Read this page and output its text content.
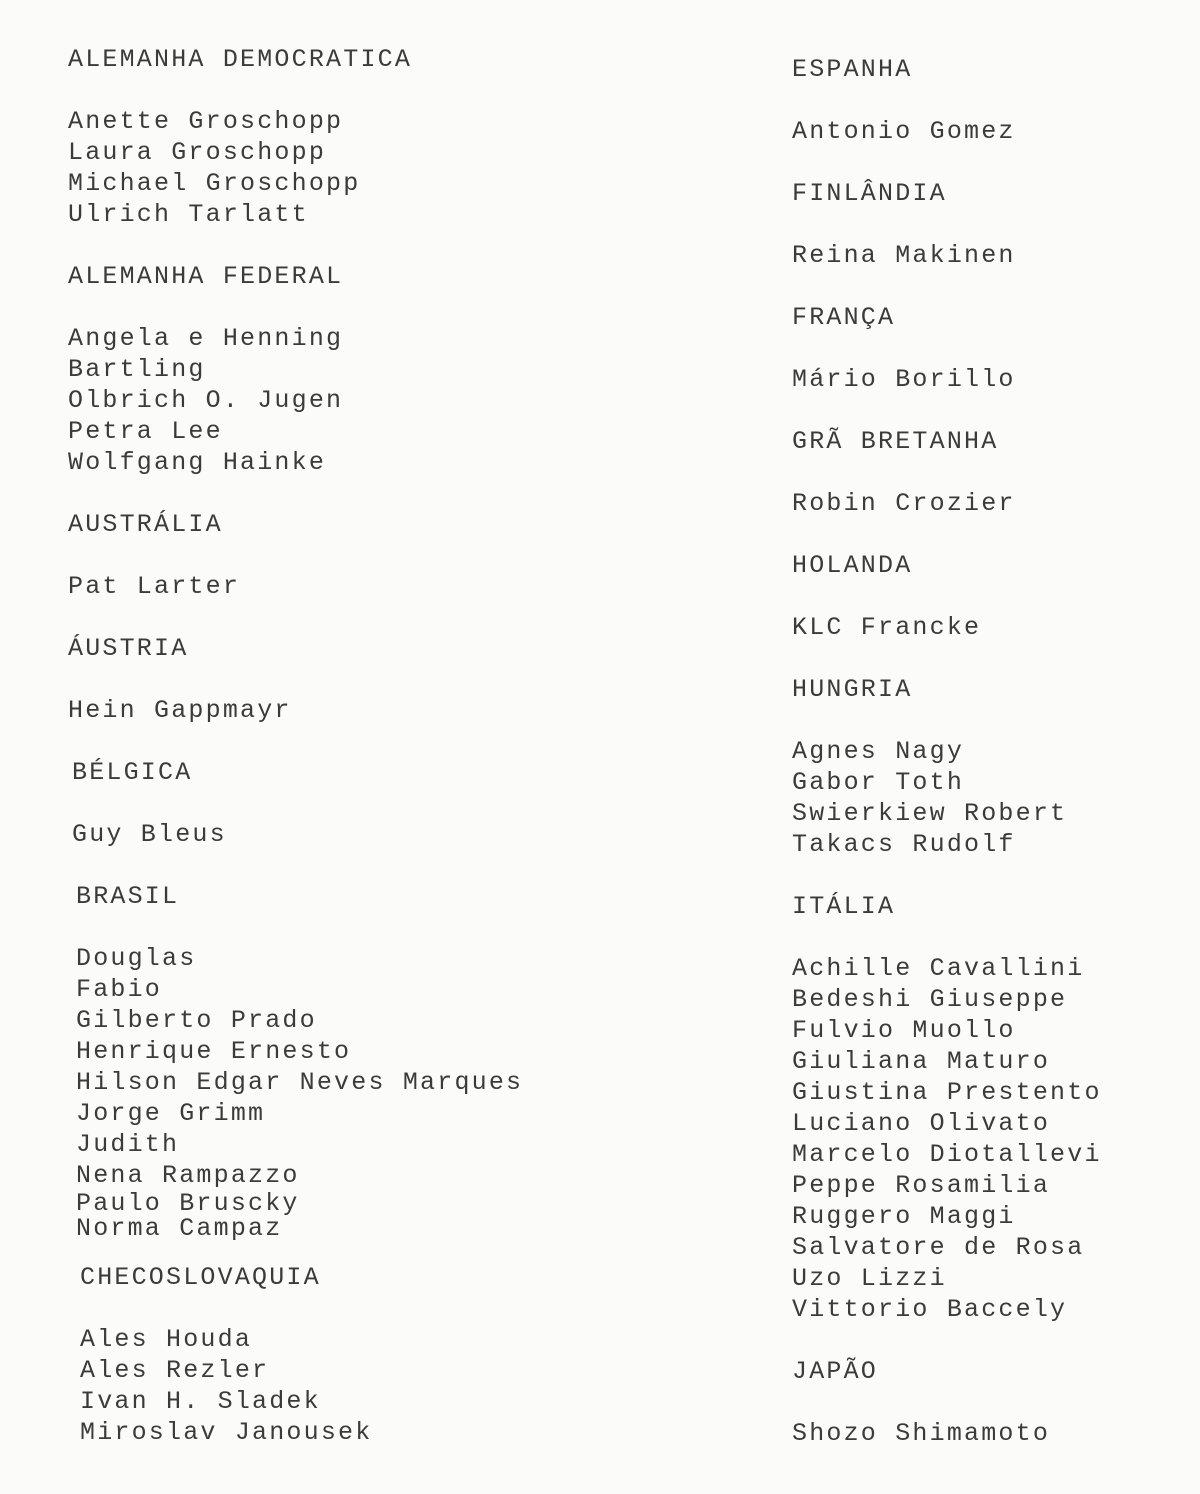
ALEMANHA DEMOCRATICA
Anette Groschopp
Laura Groschopp
Michael Groschopp
Ulrich Tarlatt
ALEMANHA FEDERAL
Angela e Henning
Bartling
Olbrich O. Jugen
Petra Lee
Wolfgang Hainke
AUSTRÁLIA
Pat Larter
ÁUSTRIA
Hein Gappmayr
BÉLGICA
Guy Bleus
BRASIL
Douglas
Fabio
Gilberto Prado
Henrique Ernesto
Hilson Edgar Neves Marques
Jorge Grimm
Judith
Nena Rampazzo
Paulo Bruscky
Norma Campaz
CHECOSLOVAQUIA
Ales Houda
Ales Rezler
Ivan H. Sladek
Miroslav Janousek
ESPANHA
Antonio Gomez
FINLÂNDIA
Reina Makinen
FRANÇA
Mário Borillo
GRÃ BRETANHA
Robin Crozier
HOLANDA
KLC Francke
HUNGRIA
Agnes Nagy
Gabor Toth
Swierkiew Robert
Takacs Rudolf
ITÁLIA
Achille Cavallini
Bedeshi Giuseppe
Fulvio Muollo
Giuliana Maturo
Giustina Prestento
Luciano Olivato
Marcelo Diotallevi
Peppe Rosamilia
Ruggero Maggi
Salvatore de Rosa
Uzo Lizzi
Vittorio Baccely
JAPÃO
Shozo Shimamoto
